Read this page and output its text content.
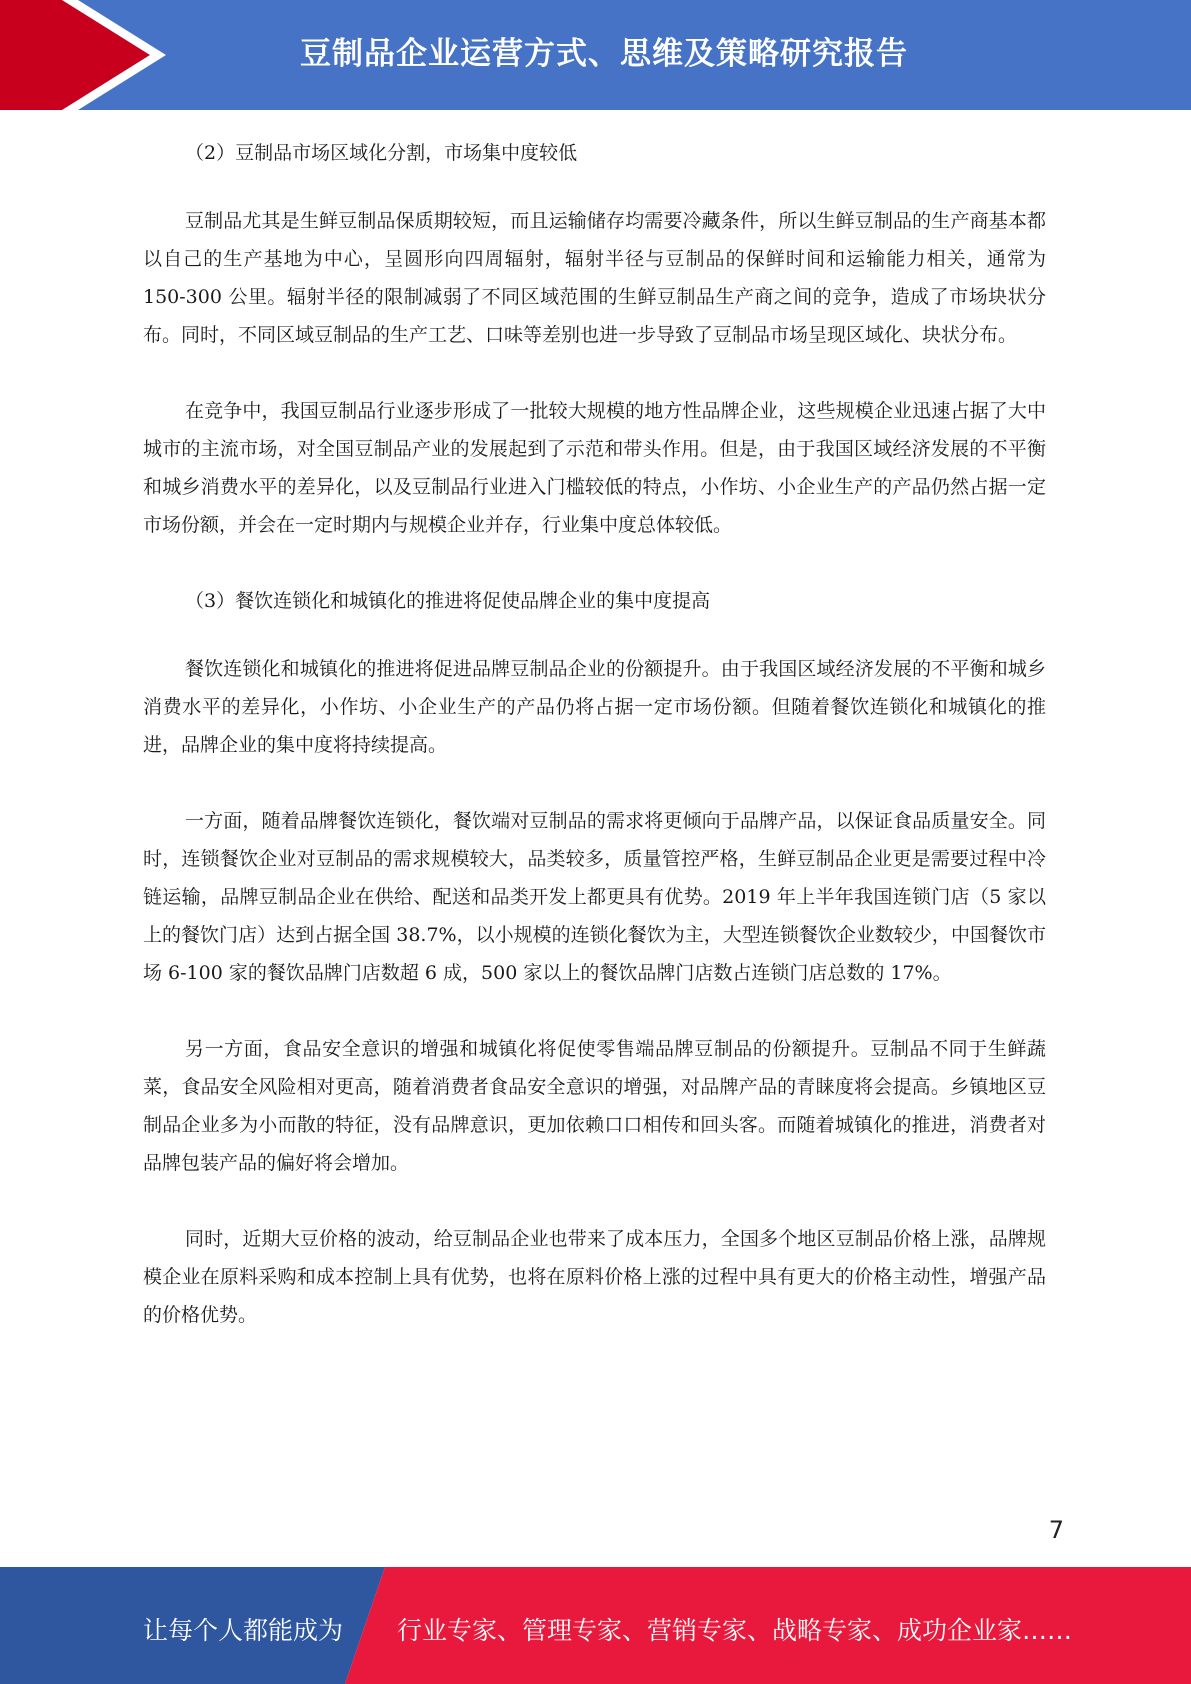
豆制品企业运营方式、思维及策略研究报告
（2）豆制品市场区域化分割，市场集中度较低

豆制品尤其是生鲜豆制品保质期较短，而且运输储存均需要冷藏条件，所以生鲜豆制品的生产商基本都以自己的生产基地为中心，呈圆形向四周辐射，辐射半径与豆制品的保鲜时间和运输能力相关，通常为 150-300 公里。辐射半径的限制减弱了不同区域范围的生鲜豆制品生产商之间的竞争，造成了市场块状分布。同时，不同区域豆制品的生产工艺、口味等差别也进一步导致了豆制品市场呈现区域化、块状分布。

在竞争中，我国豆制品行业逐步形成了一批较大规模的地方性品牌企业，这些规模企业迅速占据了大中城市的主流市场，对全国豆制品产业的发展起到了示范和带头作用。但是，由于我国区域经济发展的不平衡和城乡消费水平的差异化，以及豆制品行业进入门槛较低的特点，小作坊、小企业生产的产品仍然占据一定市场份额，并会在一定时期内与规模企业并存，行业集中度总体较低。

（3）餐饮连锁化和城镇化的推进将促使品牌企业的集中度提高

餐饮连锁化和城镇化的推进将促进品牌豆制品企业的份额提升。由于我国区域经济发展的不平衡和城乡消费水平的差异化，小作坊、小企业生产的产品仍将占据一定市场份额。但随着餐饮连锁化和城镇化的推进，品牌企业的集中度将持续提高。

一方面，随着品牌餐饮连锁化，餐饮端对豆制品的需求将更倾向于品牌产品，以保证食品质量安全。同时，连锁餐饮企业对豆制品的需求规模较大，品类较多，质量管控严格，生鲜豆制品企业更是需要过程中冷链运输，品牌豆制品企业在供给、配送和品类开发上都更具有优势。2019 年上半年我国连锁门店（5 家以上的餐饮门店）达到占据全国 38.7%，以小规模的连锁化餐饮为主，大型连锁餐饮企业数较少，中国餐饮市场 6-100 家的餐饮品牌门店数超 6 成，500 家以上的餐饮品牌门店数占连锁门店总数的 17%。

另一方面，食品安全意识的增强和城镇化将促使零售端品牌豆制品的份额提升。豆制品不同于生鲜蔬菜，食品安全风险相对更高，随着消费者食品安全意识的增强，对品牌产品的青睐度将会提高。乡镇地区豆制品企业多为小而散的特征，没有品牌意识，更加依赖口口相传和回头客。而随着城镇化的推进，消费者对品牌包装产品的偏好将会增加。

同时，近期大豆价格的波动，给豆制品企业也带来了成本压力，全国多个地区豆制品价格上涨，品牌规模企业在原料采购和成本控制上具有优势，也将在原料价格上涨的过程中具有更大的价格主动性，增强产品的价格优势。

7
让每个人都能成为 行业专家、管理专家、营销专家、战略专家、成功企业家……
